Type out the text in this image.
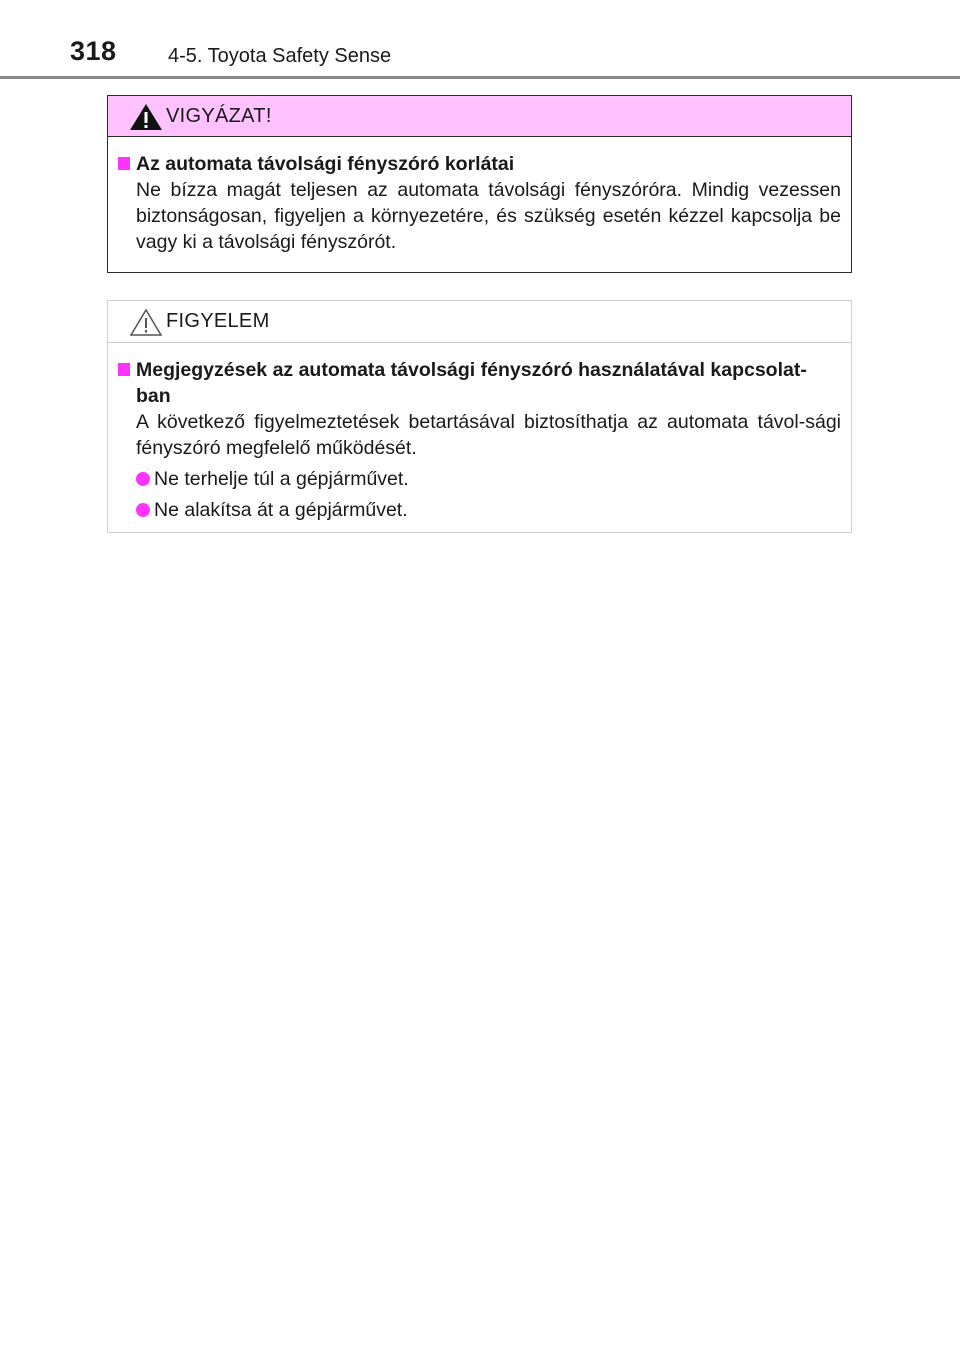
318	4-5. Toyota Safety Sense
VIGYÁZAT!
Az automata távolsági fényszóró korlátai
Ne bízza magát teljesen az automata távolsági fényszóróra. Mindig vezessen biztonságosan, figyeljen a környezetére, és szükség esetén kézzel kapcsolja be vagy ki a távolsági fényszórót.
FIGYELEM
Megjegyzések az automata távolsági fényszóró használatával kapcsolat-ban
A következő figyelmeztetések betartásával biztosíthatja az automata távol-sági fényszóró megfelelő működését.
Ne terhelje túl a gépjárművet.
Ne alakítsa át a gépjárművet.
